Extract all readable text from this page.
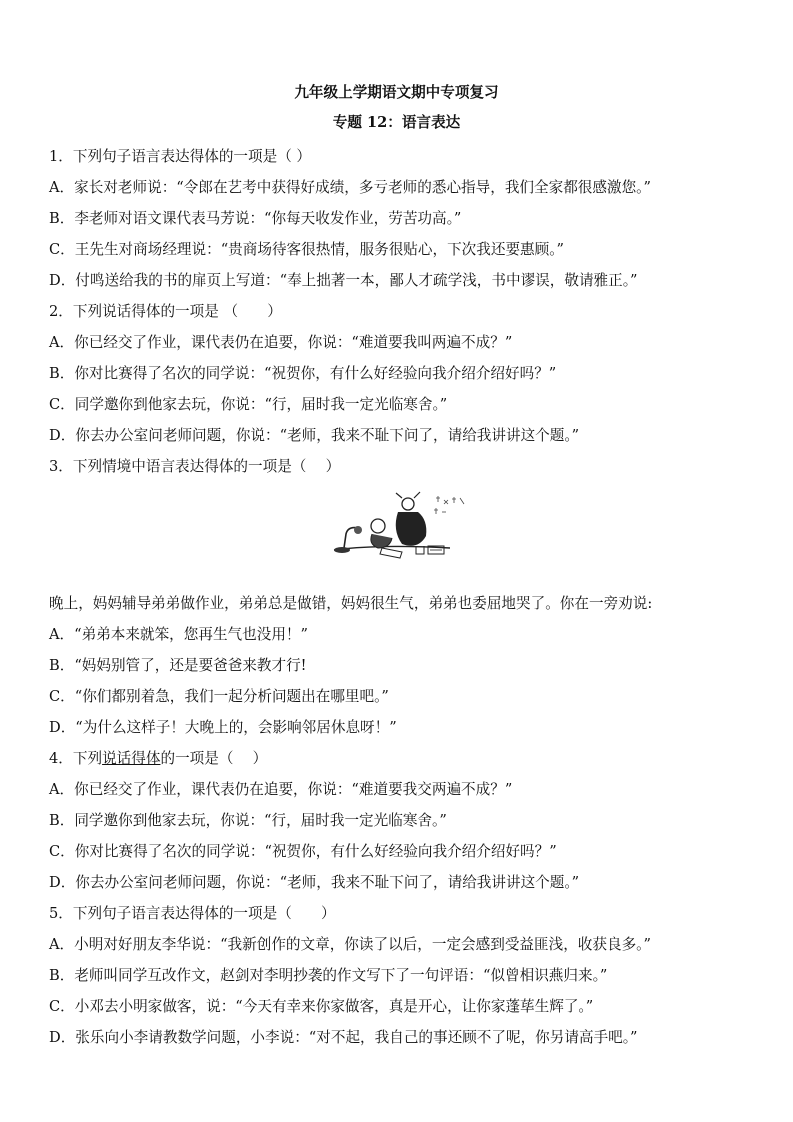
九年级上学期语文期中专项复习
专题 12：语言表达
1．下列句子语言表达得体的一项是（ ）
A．家长对老师说：“令郎在艺考中获得好成绩，多亏老师的悉心指导，我们全家都很感激您。”
B．李老师对语文课代表马芳说：“你每天收发作业，劳苦功高。”
C．王先生对商场经理说：“贵商场待客很热情，服务很贴心，下次我还要惠顾。”
D．付鸣送给我的书的扉页上写道：“奉上拙著一本，鄙人才疏学浅，书中谬误，敬请雅正。”
2．下列说话得体的一项是 （　　）
A．你已经交了作业，课代表仍在追要，你说：“难道要我叫两遍不成？”
B．你对比赛得了名次的同学说：“祝贺你，有什么好经验向我介绍介绍好吗？”
C．同学邀你到他家去玩，你说：“行，届时我一定光临寒舍。”
D．你去办公室问老师问题，你说：“老师，我来不耻下问了，请给我讲讲这个题。”
3．下列情境中语言表达得体的一项是（　 ）
晚上，妈妈辅导弟弟做作业，弟弟总是做错，妈妈很生气，弟弟也委屈地哭了。你在一旁劝说:
A．“弟弟本来就笨，您再生气也没用！”
B．“妈妈别管了，还是要爸爸来教才行!
C．“你们都别着急，我们一起分析问题出在哪里吧。”
D．“为什么这样子！大晚上的，会影响邻居休息呀！”
4．下列说话得体的一项是（　 ）
A．你已经交了作业，课代表仍在追要，你说：“难道要我交两遍不成？”
B．同学邀你到他家去玩，你说：“行，届时我一定光临寒舍。”
C．你对比赛得了名次的同学说：“祝贺你，有什么好经验向我介绍介绍好吗？”
D．你去办公室问老师问题，你说：“老师，我来不耻下问了，请给我讲讲这个题。”
5．下列句子语言表达得体的一项是（　　）
A．小明对好朋友李华说：“我新创作的文章，你读了以后，一定会感到受益匪浅，收获良多。”
B．老师叫同学互改作文，赵剑对李明抄袭的作文写下了一句评语：“似曾相识燕归来。”
C．小邓去小明家做客，说：“今天有幸来你家做客，真是开心，让你家蓬荜生辉了。”
D．张乐向小李请教数学问题，小李说：“对不起，我自己的事还顾不了呢，你另请高手吧。”
